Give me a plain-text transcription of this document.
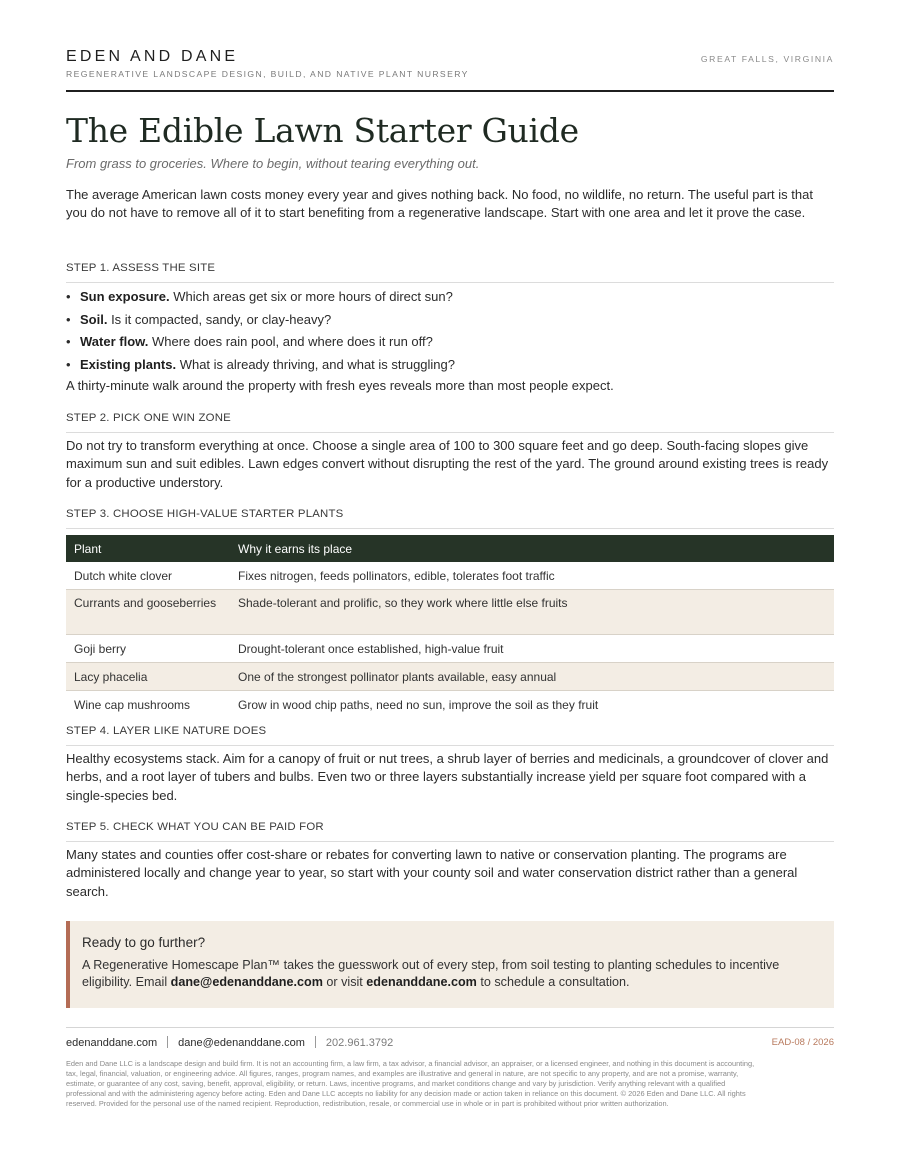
EDEN AND DANE
REGENERATIVE LANDSCAPE DESIGN, BUILD, AND NATIVE PLANT NURSERY
GREAT FALLS, VIRGINIA
The Edible Lawn Starter Guide
From grass to groceries. Where to begin, without tearing everything out.
The average American lawn costs money every year and gives nothing back. No food, no wildlife, no return. The useful part is that you do not have to remove all of it to start benefiting from a regenerative landscape. Start with one area and let it prove the case.
STEP 1. ASSESS THE SITE
• Sun exposure. Which areas get six or more hours of direct sun?
• Soil. Is it compacted, sandy, or clay-heavy?
• Water flow. Where does rain pool, and where does it run off?
• Existing plants. What is already thriving, and what is struggling?
A thirty-minute walk around the property with fresh eyes reveals more than most people expect.
STEP 2. PICK ONE WIN ZONE
Do not try to transform everything at once. Choose a single area of 100 to 300 square feet and go deep. South-facing slopes give maximum sun and suit edibles. Lawn edges convert without disrupting the rest of the yard. The ground around existing trees is ready for a productive understory.
STEP 3. CHOOSE HIGH-VALUE STARTER PLANTS
Plant	Why it earns its place
Dutch white clover	Fixes nitrogen, feeds pollinators, edible, tolerates foot traffic
Currants and gooseberries	Shade-tolerant and prolific, so they work where little else fruits
Goji berry	Drought-tolerant once established, high-value fruit
Lacy phacelia	One of the strongest pollinator plants available, easy annual
Wine cap mushrooms	Grow in wood chip paths, need no sun, improve the soil as they fruit
STEP 4. LAYER LIKE NATURE DOES
Healthy ecosystems stack. Aim for a canopy of fruit or nut trees, a shrub layer of berries and medicinals, a groundcover of clover and herbs, and a root layer of tubers and bulbs. Even two or three layers substantially increase yield per square foot compared with a single-species bed.
STEP 5. CHECK WHAT YOU CAN BE PAID FOR
Many states and counties offer cost-share or rebates for converting lawn to native or conservation planting. The programs are administered locally and change year to year, so start with your county soil and water conservation district rather than a general search.
Ready to go further?
A Regenerative Homescape Plan™ takes the guesswork out of every step, from soil testing to planting schedules to incentive eligibility. Email dane@edenanddane.com or visit edenanddane.com to schedule a consultation.
edenanddane.com dane@edenanddane.com 202.961.3792	EAD-08 / 2026
Eden and Dane LLC is a landscape design and build firm. It is not an accounting firm, a law firm, a tax advisor, a financial advisor, an appraiser, or a licensed engineer, and nothing in this document is accounting, tax, legal, financial, valuation, or engineering advice. All figures, ranges, program names, and examples are illustrative and general in nature, are not specific to any property, and are not a promise, warranty, estimate, or guarantee of any cost, saving, benefit, approval, eligibility, or return. Laws, incentive programs, and market conditions change and vary by jurisdiction. Verify anything relevant with a qualified professional and with the administering agency before acting. Eden and Dane LLC accepts no liability for any decision made or action taken in reliance on this document. © 2026 Eden and Dane LLC. All rights reserved. Provided for the personal use of the named recipient. Reproduction, redistribution, resale, or commercial use in whole or in part is prohibited without prior written authorization.
